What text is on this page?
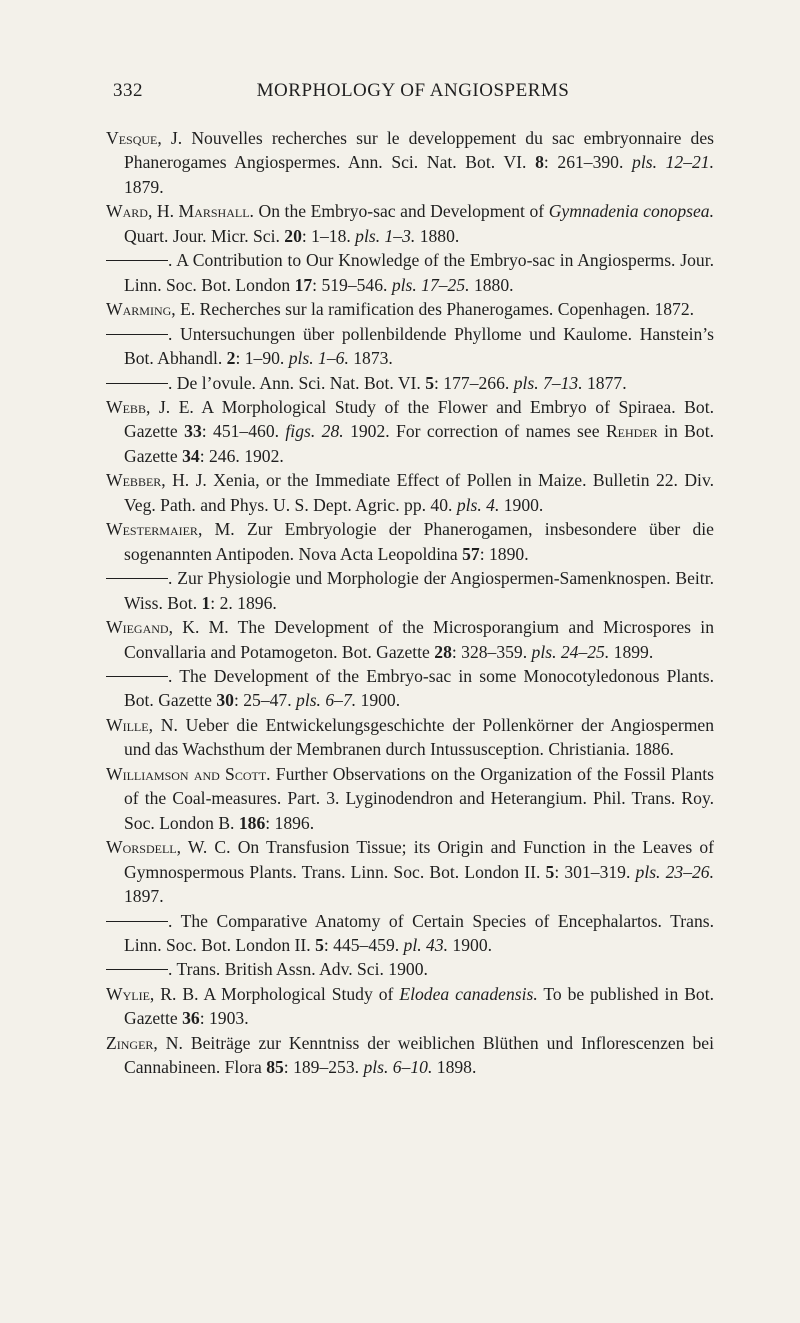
332	MORPHOLOGY OF ANGIOSPERMS
Vesque, J. Nouvelles recherches sur le developpement du sac embryonnaire des Phanerogames Angiospermes. Ann. Sci. Nat. Bot. VI. 8: 261–390. pls. 12–21. 1879.
Ward, H. Marshall. On the Embryo-sac and Development of Gymnadenia conopsea. Quart. Jour. Micr. Sci. 20: 1–18. pls. 1–3. 1880.
. A Contribution to Our Knowledge of the Embryo-sac in Angiosperms. Jour. Linn. Soc. Bot. London 17: 519–546. pls. 17–25. 1880.
Warming, E. Recherches sur la ramification des Phanerogames. Copenhagen. 1872.
. Untersuchungen über pollenbildende Phyllome und Kaulome. Hanstein’s Bot. Abhandl. 2: 1–90. pls. 1–6. 1873.
. De l’ovule. Ann. Sci. Nat. Bot. VI. 5: 177–266. pls. 7–13. 1877.
Webb, J. E. A Morphological Study of the Flower and Embryo of Spiraea. Bot. Gazette 33: 451–460. figs. 28. 1902. For correction of names see Rehder in Bot. Gazette 34: 246. 1902.
Webber, H. J. Xenia, or the Immediate Effect of Pollen in Maize. Bulletin 22. Div. Veg. Path. and Phys. U. S. Dept. Agric. pp. 40. pls. 4. 1900.
Westermaier, M. Zur Embryologie der Phanerogamen, insbesondere über die sogenannten Antipoden. Nova Acta Leopoldina 57: 1890.
. Zur Physiologie und Morphologie der Angiospermen-Samenknospen. Beitr. Wiss. Bot. 1: 2. 1896.
Wiegand, K. M. The Development of the Microsporangium and Microspores in Convallaria and Potamogeton. Bot. Gazette 28: 328–359. pls. 24–25. 1899.
. The Development of the Embryo-sac in some Monocotyledonous Plants. Bot. Gazette 30: 25–47. pls. 6–7. 1900.
Wille, N. Ueber die Entwickelungsgeschichte der Pollenkörner der Angiospermen und das Wachsthum der Membranen durch Intussusception. Christiania. 1886.
Williamson and Scott. Further Observations on the Organization of the Fossil Plants of the Coal-measures. Part. 3. Lyginodendron and Heterangium. Phil. Trans. Roy. Soc. London B. 186: 1896.
Worsdell, W. C. On Transfusion Tissue; its Origin and Function in the Leaves of Gymnospermous Plants. Trans. Linn. Soc. Bot. London II. 5: 301–319. pls. 23–26. 1897.
. The Comparative Anatomy of Certain Species of Encephalartos. Trans. Linn. Soc. Bot. London II. 5: 445–459. pl. 43. 1900.
. Trans. British Assn. Adv. Sci. 1900.
Wylie, R. B. A Morphological Study of Elodea canadensis. To be published in Bot. Gazette 36: 1903.
Zinger, N. Beiträge zur Kenntniss der weiblichen Blüthen und Inflorescenzen bei Cannabineen. Flora 85: 189–253. pls. 6–10. 1898.
